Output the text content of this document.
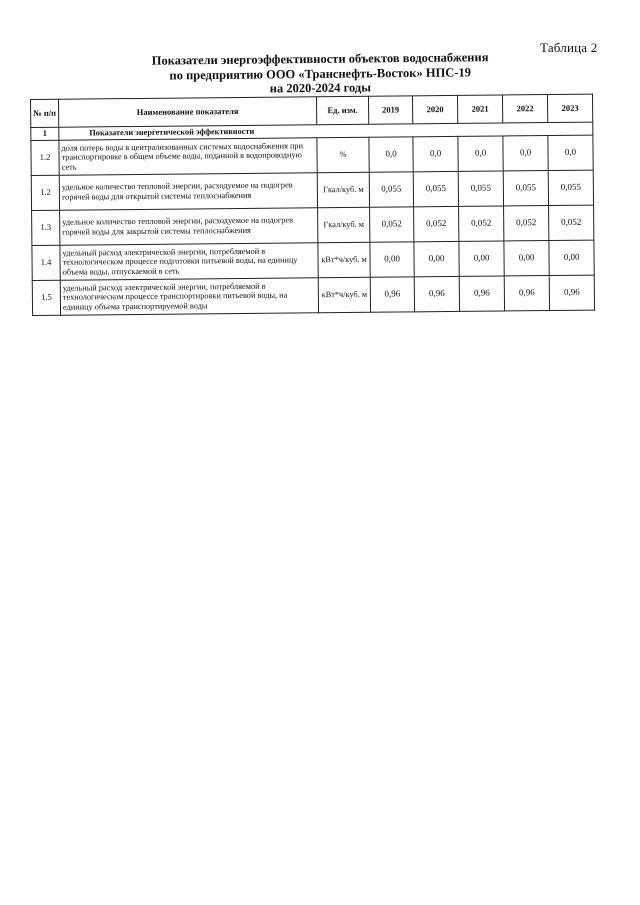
Таблица 2
Показатели энергоэффективности объектов водоснабжения
по предприятию ООО «Транснефть-Восток» НПС-19
на 2020-2024 годы
№ п/п	Наименование показателя	Ед. изм.	2019	2020	2021	2022	2023
1	Показатели энергетической эффективности						
1.2	доля потерь воды в централизованных системах водоснабжения при транспортировке в общем объеме воды, поданной в водопроводную сеть	%	0,0	0,0	0,0	0,0	0,0
1.2	удельное количество тепловой энергии, расходуемое на подогрев горячей воды для открытой системы теплоснабжения	Гкал/куб. м	0,055	0,055	0,055	0,055	0,055
1.3	удельное количество тепловой энергии, расходуемое на подогрев горячей воды для закрытой системы теплоснабжения	Гкал/куб. м	0,052	0,052	0,052	0,052	0,052
1.4	удельный расход электрической энергии, потребляемой в технологическом процессе подготовки питьевой воды, на единицу объема воды, отпускаемой в сеть	кВт*ч/куб. м	0,00	0,00	0,00	0,00	0,00
1.5	удельный расход электрической энергии, потребляемой в технологическом процессе транспортировки питьевой воды, на единицу объема транспортируемой воды	кВт*ч/куб. м	0,96	0,96	0,96	0,96	0,96
